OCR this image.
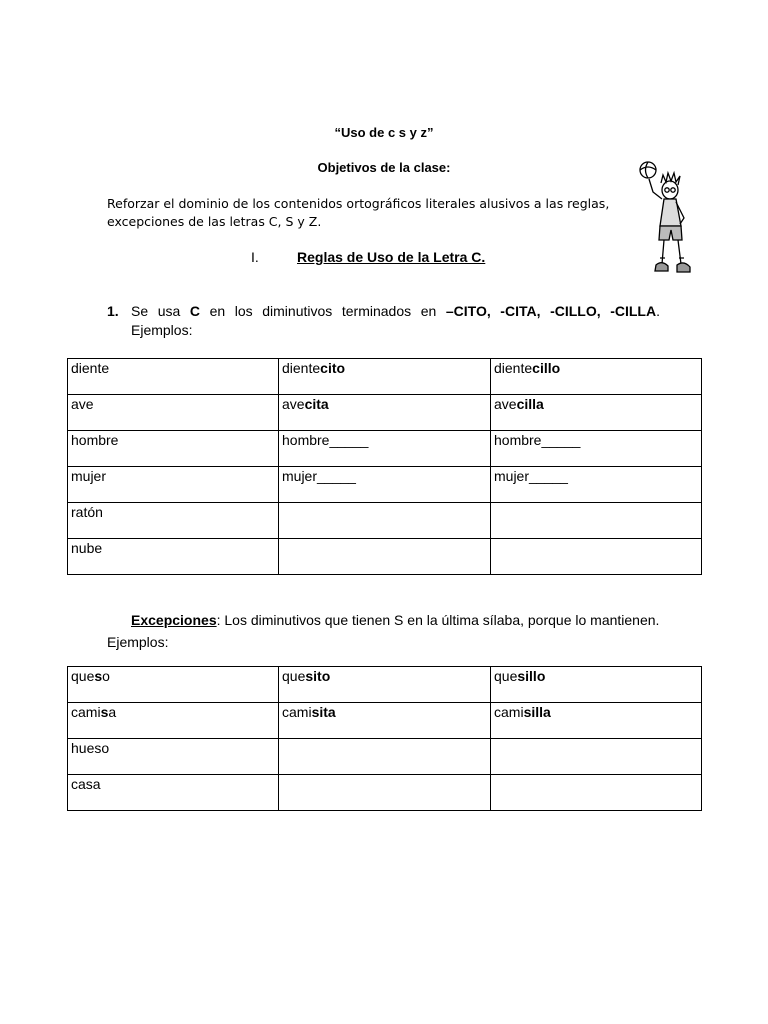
“Uso de c s y z”
Objetivos de la clase:
Reforzar el dominio de los contenidos ortográficos literales alusivos a las reglas, excepciones de las letras C, S y Z.
I.	Reglas de Uso de la Letra C.
1. Se usa C en los diminutivos terminados en –CITO, -CITA, -CILLO, -CILLA. Ejemplos:
diente	dientecito	dientecillo
ave	avecita	avecilla
hombre	hombre_____	hombre_____
mujer	mujer_____	mujer_____
ratón		
nube		
Excepciones: Los diminutivos que tienen S en la última sílaba, porque lo mantienen. Ejemplos:
queso	quesito	quesillo
camisa	camisita	camisilla
hueso		
casa		
